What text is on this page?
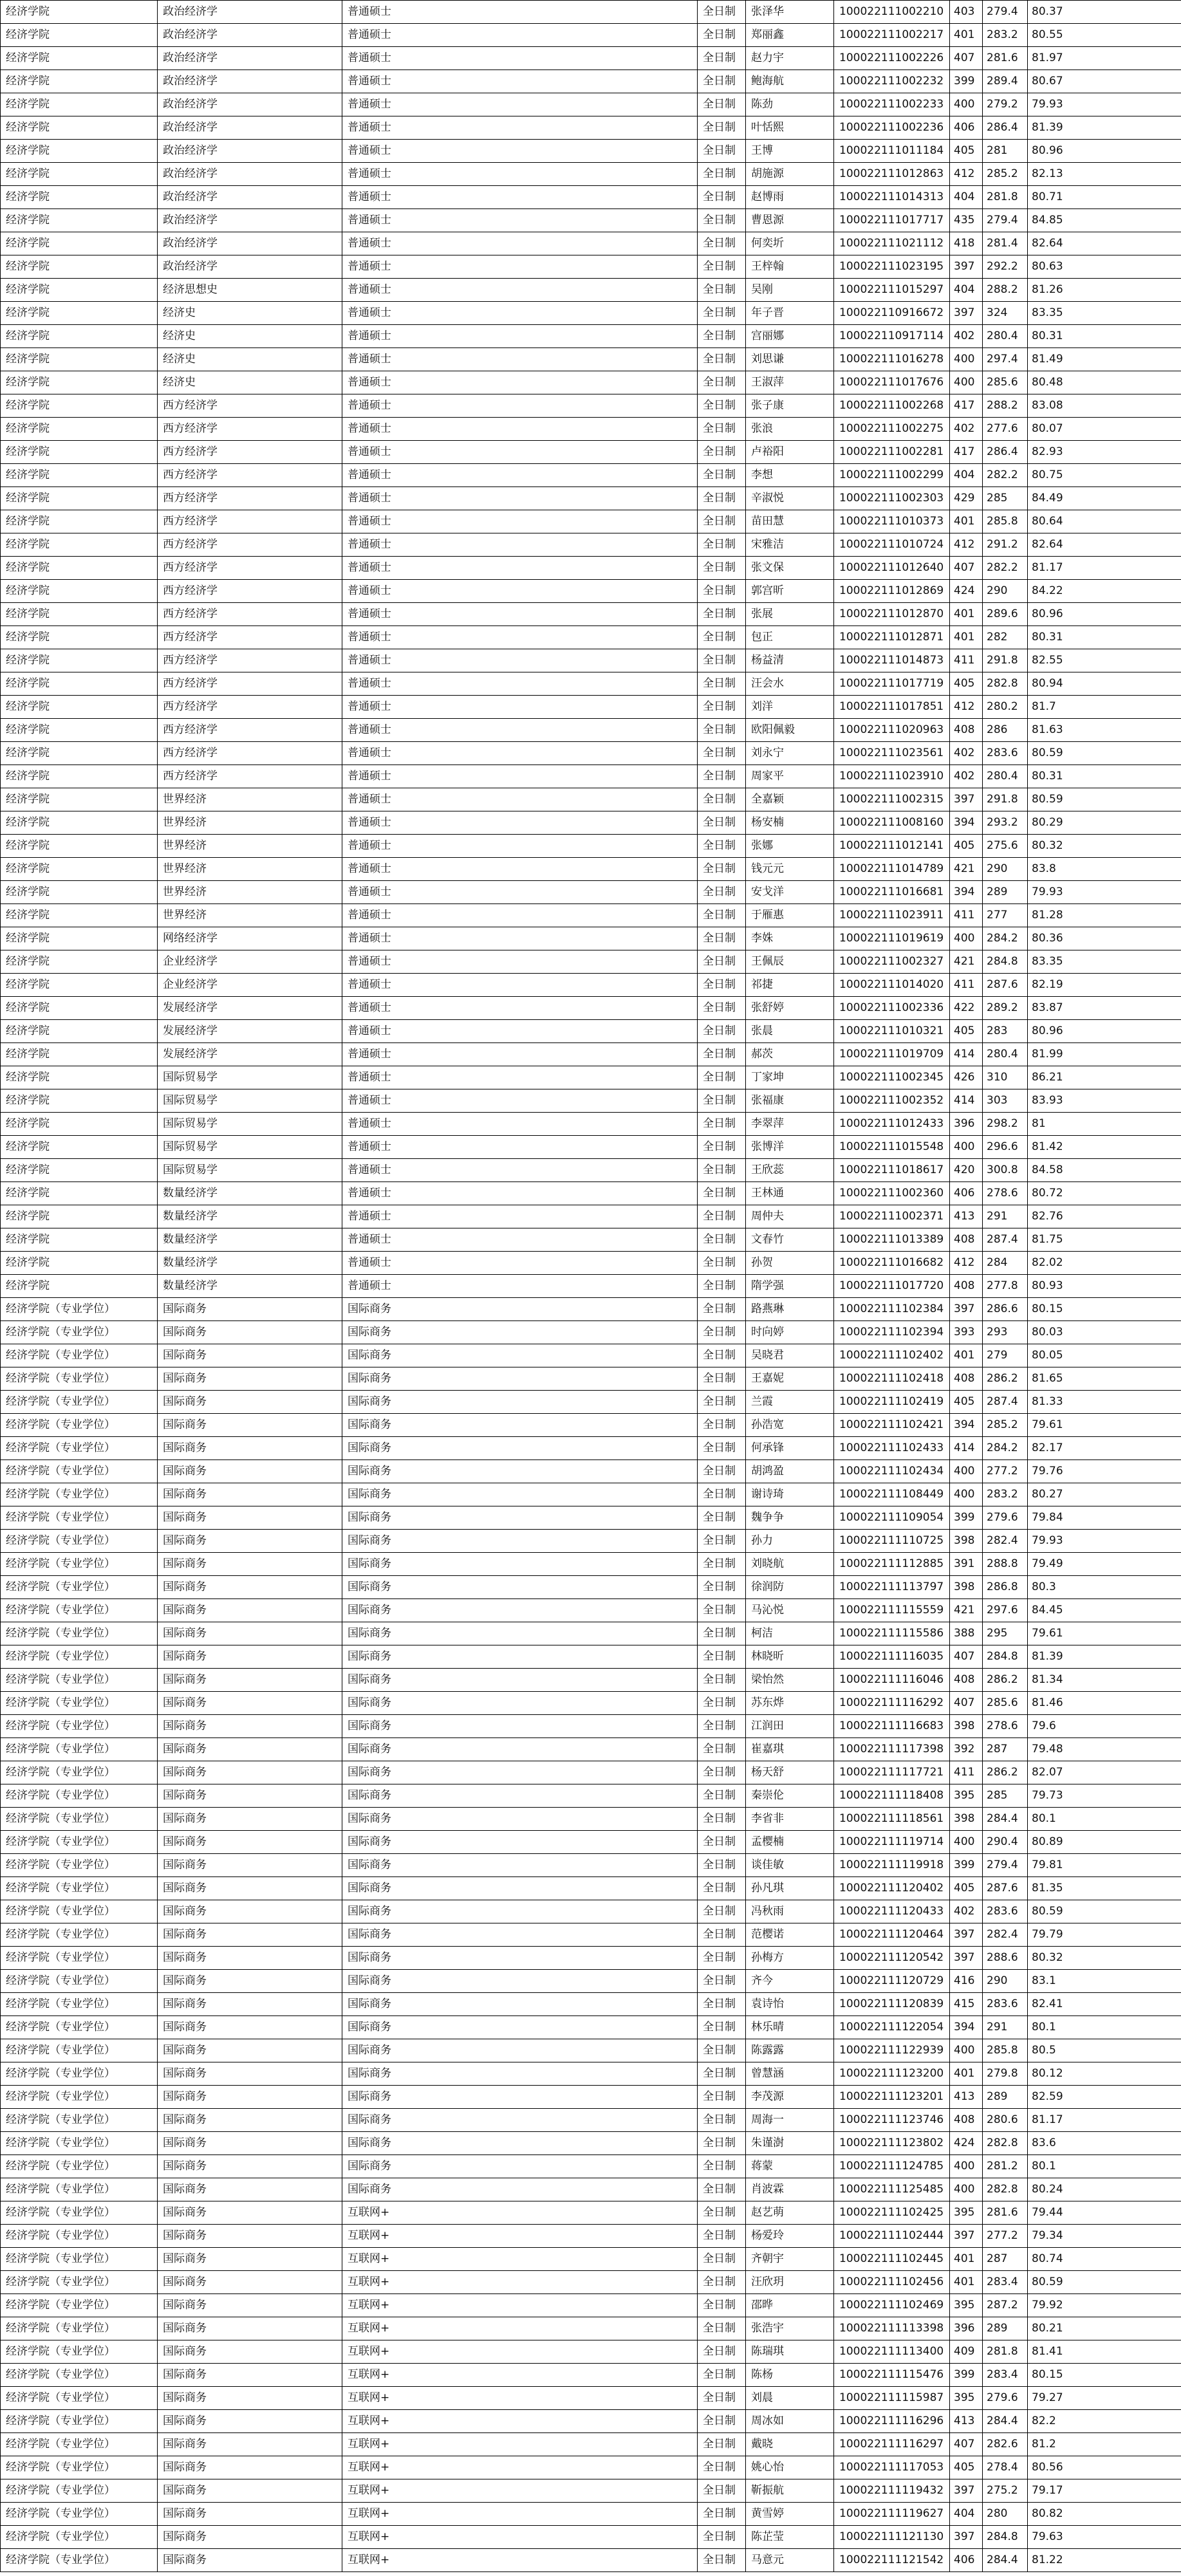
经济学院	政治经济学	普通硕士	全日制	张泽华	100022111002210	403	279.4	80.37
经济学院	政治经济学	普通硕士	全日制	郑丽鑫	100022111002217	401	283.2	80.55
经济学院	政治经济学	普通硕士	全日制	赵力宇	100022111002226	407	281.6	81.97
经济学院	政治经济学	普通硕士	全日制	鲍海航	100022111002232	399	289.4	80.67
经济学院	政治经济学	普通硕士	全日制	陈劲	100022111002233	400	279.2	79.93
经济学院	政治经济学	普通硕士	全日制	叶恬熙	100022111002236	406	286.4	81.39
经济学院	政治经济学	普通硕士	全日制	王博	100022111011184	405	281	80.96
经济学院	政治经济学	普通硕士	全日制	胡施源	100022111012863	412	285.2	82.13
经济学院	政治经济学	普通硕士	全日制	赵博雨	100022111014313	404	281.8	80.71
经济学院	政治经济学	普通硕士	全日制	曹恩源	100022111017717	435	279.4	84.85
经济学院	政治经济学	普通硕士	全日制	何奕圻	100022111021112	418	281.4	82.64
经济学院	政治经济学	普通硕士	全日制	王梓翰	100022111023195	397	292.2	80.63
经济学院	经济思想史	普通硕士	全日制	吴刚	100022111015297	404	288.2	81.26
经济学院	经济史	普通硕士	全日制	年子晋	100022110916672	397	324	83.35
经济学院	经济史	普通硕士	全日制	宫丽娜	100022110917114	402	280.4	80.31
经济学院	经济史	普通硕士	全日制	刘思谦	100022111016278	400	297.4	81.49
经济学院	经济史	普通硕士	全日制	王淑萍	100022111017676	400	285.6	80.48
经济学院	西方经济学	普通硕士	全日制	张子康	100022111002268	417	288.2	83.08
经济学院	西方经济学	普通硕士	全日制	张浪	100022111002275	402	277.6	80.07
经济学院	西方经济学	普通硕士	全日制	卢裕阳	100022111002281	417	286.4	82.93
经济学院	西方经济学	普通硕士	全日制	李想	100022111002299	404	282.2	80.75
经济学院	西方经济学	普通硕士	全日制	辛淑悦	100022111002303	429	285	84.49
经济学院	西方经济学	普通硕士	全日制	苗田慧	100022111010373	401	285.8	80.64
经济学院	西方经济学	普通硕士	全日制	宋雅洁	100022111010724	412	291.2	82.64
经济学院	西方经济学	普通硕士	全日制	张文保	100022111012640	407	282.2	81.17
经济学院	西方经济学	普通硕士	全日制	郭宫昕	100022111012869	424	290	84.22
经济学院	西方经济学	普通硕士	全日制	张展	100022111012870	401	289.6	80.96
经济学院	西方经济学	普通硕士	全日制	包正	100022111012871	401	282	80.31
经济学院	西方经济学	普通硕士	全日制	杨益清	100022111014873	411	291.8	82.55
经济学院	西方经济学	普通硕士	全日制	汪会水	100022111017719	405	282.8	80.94
经济学院	西方经济学	普通硕士	全日制	刘洋	100022111017851	412	280.2	81.7
经济学院	西方经济学	普通硕士	全日制	欧阳佩毅	100022111020963	408	286	81.63
经济学院	西方经济学	普通硕士	全日制	刘永宁	100022111023561	402	283.6	80.59
经济学院	西方经济学	普通硕士	全日制	周家平	100022111023910	402	280.4	80.31
经济学院	世界经济	普通硕士	全日制	全嘉颖	100022111002315	397	291.8	80.59
经济学院	世界经济	普通硕士	全日制	杨安楠	100022111008160	394	293.2	80.29
经济学院	世界经济	普通硕士	全日制	张娜	100022111012141	405	275.6	80.32
经济学院	世界经济	普通硕士	全日制	钱元元	100022111014789	421	290	83.8
经济学院	世界经济	普通硕士	全日制	安戈洋	100022111016681	394	289	79.93
经济学院	世界经济	普通硕士	全日制	于雁惠	100022111023911	411	277	81.28
经济学院	网络经济学	普通硕士	全日制	李姝	100022111019619	400	284.2	80.36
经济学院	企业经济学	普通硕士	全日制	王佩辰	100022111002327	421	284.8	83.35
经济学院	企业经济学	普通硕士	全日制	祁捷	100022111014020	411	287.6	82.19
经济学院	发展经济学	普通硕士	全日制	张舒婷	100022111002336	422	289.2	83.87
经济学院	发展经济学	普通硕士	全日制	张晨	100022111010321	405	283	80.96
经济学院	发展经济学	普通硕士	全日制	郝茨	100022111019709	414	280.4	81.99
经济学院	国际贸易学	普通硕士	全日制	丁家坤	100022111002345	426	310	86.21
经济学院	国际贸易学	普通硕士	全日制	张福康	100022111002352	414	303	83.93
经济学院	国际贸易学	普通硕士	全日制	李翠萍	100022111012433	396	298.2	81
经济学院	国际贸易学	普通硕士	全日制	张博洋	100022111015548	400	296.6	81.42
经济学院	国际贸易学	普通硕士	全日制	王欣蕊	100022111018617	420	300.8	84.58
经济学院	数量经济学	普通硕士	全日制	王林通	100022111002360	406	278.6	80.72
经济学院	数量经济学	普通硕士	全日制	周仲夫	100022111002371	413	291	82.76
经济学院	数量经济学	普通硕士	全日制	文春竹	100022111013389	408	287.4	81.75
经济学院	数量经济学	普通硕士	全日制	孙贺	100022111016682	412	284	82.02
经济学院	数量经济学	普通硕士	全日制	隋学强	100022111017720	408	277.8	80.93
经济学院（专业学位）	国际商务	国际商务	全日制	路燕琳	100022111102384	397	286.6	80.15
经济学院（专业学位）	国际商务	国际商务	全日制	时向婷	100022111102394	393	293	80.03
经济学院（专业学位）	国际商务	国际商务	全日制	吴晓君	100022111102402	401	279	80.05
经济学院（专业学位）	国际商务	国际商务	全日制	王嘉妮	100022111102418	408	286.2	81.65
经济学院（专业学位）	国际商务	国际商务	全日制	兰霞	100022111102419	405	287.4	81.33
经济学院（专业学位）	国际商务	国际商务	全日制	孙浩宽	100022111102421	394	285.2	79.61
经济学院（专业学位）	国际商务	国际商务	全日制	何承锋	100022111102433	414	284.2	82.17
经济学院（专业学位）	国际商务	国际商务	全日制	胡鸿盈	100022111102434	400	277.2	79.76
经济学院（专业学位）	国际商务	国际商务	全日制	谢诗琦	100022111108449	400	283.2	80.27
经济学院（专业学位）	国际商务	国际商务	全日制	魏争争	100022111109054	399	279.6	79.84
经济学院（专业学位）	国际商务	国际商务	全日制	孙力	100022111110725	398	282.4	79.93
经济学院（专业学位）	国际商务	国际商务	全日制	刘晓航	100022111112885	391	288.8	79.49
经济学院（专业学位）	国际商务	国际商务	全日制	徐润防	100022111113797	398	286.8	80.3
经济学院（专业学位）	国际商务	国际商务	全日制	马沁悦	100022111115559	421	297.6	84.45
经济学院（专业学位）	国际商务	国际商务	全日制	柯洁	100022111115586	388	295	79.61
经济学院（专业学位）	国际商务	国际商务	全日制	林晓昕	100022111116035	407	284.8	81.39
经济学院（专业学位）	国际商务	国际商务	全日制	梁怡然	100022111116046	408	286.2	81.34
经济学院（专业学位）	国际商务	国际商务	全日制	苏东烨	100022111116292	407	285.6	81.46
经济学院（专业学位）	国际商务	国际商务	全日制	江润田	100022111116683	398	278.6	79.6
经济学院（专业学位）	国际商务	国际商务	全日制	崔嘉琪	100022111117398	392	287	79.48
经济学院（专业学位）	国际商务	国际商务	全日制	杨天舒	100022111117721	411	286.2	82.07
经济学院（专业学位）	国际商务	国际商务	全日制	秦崇伦	100022111118408	395	285	79.73
经济学院（专业学位）	国际商务	国际商务	全日制	李省非	100022111118561	398	284.4	80.1
经济学院（专业学位）	国际商务	国际商务	全日制	孟樱楠	100022111119714	400	290.4	80.89
经济学院（专业学位）	国际商务	国际商务	全日制	谈佳敏	100022111119918	399	279.4	79.81
经济学院（专业学位）	国际商务	国际商务	全日制	孙凡琪	100022111120402	405	287.6	81.35
经济学院（专业学位）	国际商务	国际商务	全日制	冯秋雨	100022111120433	402	283.6	80.59
经济学院（专业学位）	国际商务	国际商务	全日制	范樱诺	100022111120464	397	282.4	79.79
经济学院（专业学位）	国际商务	国际商务	全日制	孙梅方	100022111120542	397	288.6	80.32
经济学院（专业学位）	国际商务	国际商务	全日制	齐今	100022111120729	416	290	83.1
经济学院（专业学位）	国际商务	国际商务	全日制	袁诗怡	100022111120839	415	283.6	82.41
经济学院（专业学位）	国际商务	国际商务	全日制	林乐晴	100022111122054	394	291	80.1
经济学院（专业学位）	国际商务	国际商务	全日制	陈露露	100022111122939	400	285.8	80.5
经济学院（专业学位）	国际商务	国际商务	全日制	曾慧涵	100022111123200	401	279.8	80.12
经济学院（专业学位）	国际商务	国际商务	全日制	李茂源	100022111123201	413	289	82.59
经济学院（专业学位）	国际商务	国际商务	全日制	周海一	100022111123746	408	280.6	81.17
经济学院（专业学位）	国际商务	国际商务	全日制	朱谨澍	100022111123802	424	282.8	83.6
经济学院（专业学位）	国际商务	国际商务	全日制	蒋蒙	100022111124785	400	281.2	80.1
经济学院（专业学位）	国际商务	国际商务	全日制	肖波霖	100022111125485	400	282.8	80.24
经济学院（专业学位）	国际商务	互联网+	全日制	赵艺萌	100022111102425	395	281.6	79.44
经济学院（专业学位）	国际商务	互联网+	全日制	杨爱玲	100022111102444	397	277.2	79.34
经济学院（专业学位）	国际商务	互联网+	全日制	齐朝宇	100022111102445	401	287	80.74
经济学院（专业学位）	国际商务	互联网+	全日制	汪欣玥	100022111102456	401	283.4	80.59
经济学院（专业学位）	国际商务	互联网+	全日制	邵晔	100022111102469	395	287.2	79.92
经济学院（专业学位）	国际商务	互联网+	全日制	张浩宇	100022111113398	396	289	80.21
经济学院（专业学位）	国际商务	互联网+	全日制	陈瑞琪	100022111113400	409	281.8	81.41
经济学院（专业学位）	国际商务	互联网+	全日制	陈杨	100022111115476	399	283.4	80.15
经济学院（专业学位）	国际商务	互联网+	全日制	刘晨	100022111115987	395	279.6	79.27
经济学院（专业学位）	国际商务	互联网+	全日制	周冰如	100022111116296	413	284.4	82.2
经济学院（专业学位）	国际商务	互联网+	全日制	戴晓	100022111116297	407	282.6	81.2
经济学院（专业学位）	国际商务	互联网+	全日制	姚心怡	100022111117053	405	278.4	80.56
经济学院（专业学位）	国际商务	互联网+	全日制	靳振航	100022111119432	397	275.2	79.17
经济学院（专业学位）	国际商务	互联网+	全日制	黄雪婷	100022111119627	404	280	80.82
经济学院（专业学位）	国际商务	互联网+	全日制	陈芷莹	100022111121130	397	284.8	79.63
经济学院（专业学位）	国际商务	互联网+	全日制	马意元	100022111121542	406	284.4	81.22
